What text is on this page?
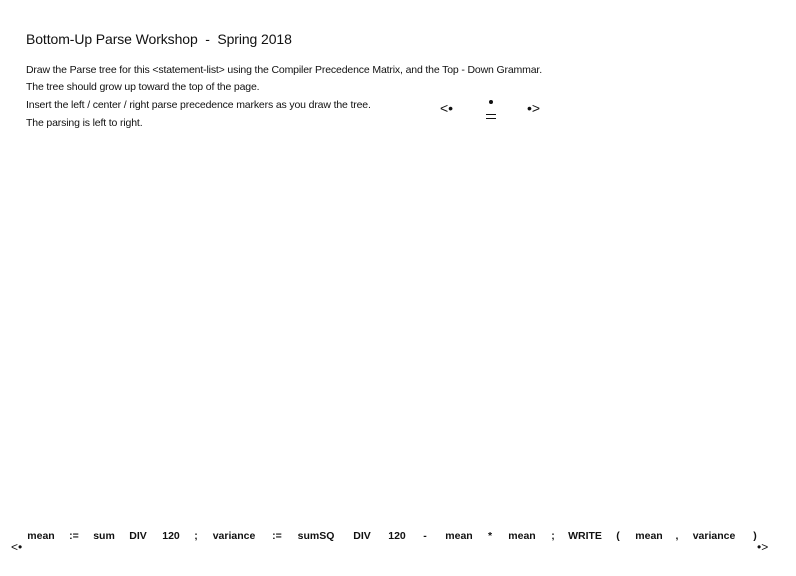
Bottom-Up Parse Workshop  -  Spring 2018
Draw the Parse tree for this <statement-list> using the Compiler Precedence Matrix, and the Top - Down Grammar.
The tree should grow up toward the top of the page.
Insert the left / center / right parse precedence markers as you draw the tree.
The parsing is left to right.
<•	•>
<•	•>
mean := sum DIV 120 ; variance := sumSQ DIV 120 - mean * mean ; WRITE ( mean , variance )
